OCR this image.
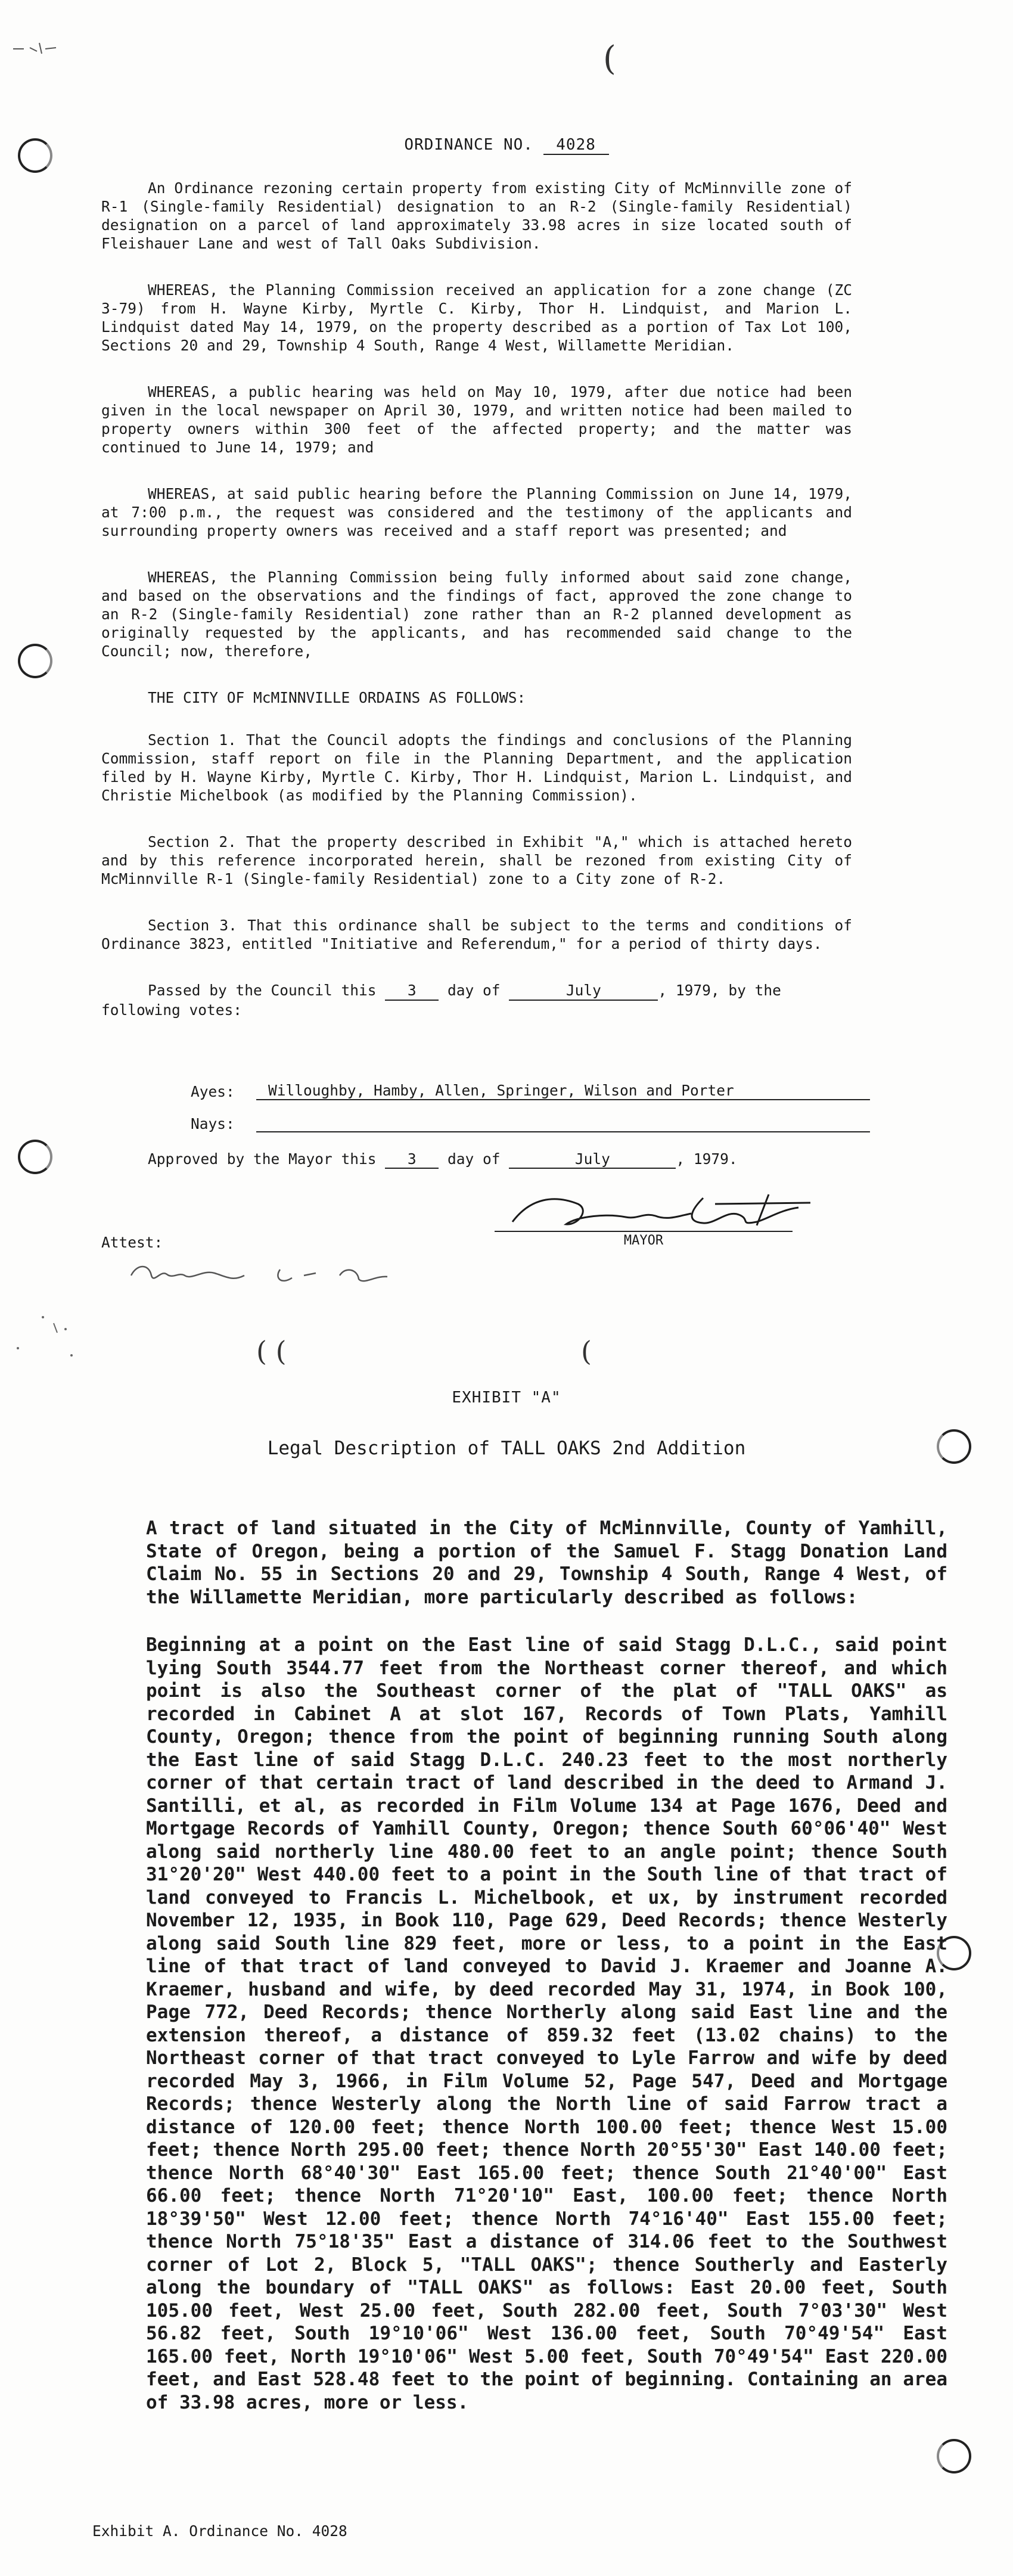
(
( (	(
ORDINANCE NO. 4028

An Ordinance rezoning certain property from existing City of McMinnville zone of R-1 (Single-family Residential) designation to an R-2 (Single-family Residential) designation on a parcel of land approximately 33.98 acres in size located south of Fleishauer Lane and west of Tall Oaks Subdivision.

WHEREAS, the Planning Commission received an application for a zone change (ZC 3-79) from H. Wayne Kirby, Myrtle C. Kirby, Thor H. Lindquist, and Marion L. Lindquist dated May 14, 1979, on the property described as a portion of Tax Lot 100, Sections 20 and 29, Township 4 South, Range 4 West, Willamette Meridian.

WHEREAS, a public hearing was held on May 10, 1979, after due notice had been given in the local newspaper on April 30, 1979, and written notice had been mailed to property owners within 300 feet of the affected property; and the matter was continued to June 14, 1979; and

WHEREAS, at said public hearing before the Planning Commission on June 14, 1979, at 7:00 p.m., the request was considered and the testimony of the applicants and surrounding property owners was received and a staff report was presented; and

WHEREAS, the Planning Commission being fully informed about said zone change, and based on the observations and the findings of fact, approved the zone change to an R-2 (Single-family Residential) zone rather than an R-2 planned development as originally requested by the applicants, and has recommended said change to the Council; now, therefore,

THE CITY OF McMINNVILLE ORDAINS AS FOLLOWS:

Section 1. That the Council adopts the findings and conclusions of the Planning Commission, staff report on file in the Planning Department, and the application filed by H. Wayne Kirby, Myrtle C. Kirby, Thor H. Lindquist, Marion L. Lindquist, and Christie Michelbook (as modified by the Planning Commission).

Section 2. That the property described in Exhibit "A," which is attached hereto and by this reference incorporated herein, shall be rezoned from existing City of McMinnville R-1 (Single-family Residential) zone to a City zone of R-2.

Section 3. That this ordinance shall be subject to the terms and conditions of Ordinance 3823, entitled "Initiative and Referendum," for a period of thirty days.

Passed by the Council this 3 day of	July	, 1979, by the
following votes:

Ayes:	Willoughby, Hamby, Allen, Springer, Wilson and Porter
Nays:
Approved by the Mayor this 3 day of	July	, 1979.
MAYOR
Attest:
EXHIBIT "A"
Legal Description of TALL OAKS 2nd Addition

A tract of land situated in the City of McMinnville, County of Yamhill, State of Oregon, being a portion of the Samuel F. Stagg Donation Land Claim No. 55 in Sections 20 and 29, Township 4 South, Range 4 West, of the Willamette Meridian, more particularly described as follows:

Beginning at a point on the East line of said Stagg D.L.C., said point lying South 3544.77 feet from the Northeast corner thereof, and which point is also the Southeast corner of the plat of "TALL OAKS" as recorded in Cabinet A at slot 167, Records of Town Plats, Yamhill County, Oregon; thence from the point of beginning running South along the East line of said Stagg D.L.C. 240.23 feet to the most northerly corner of that certain tract of land described in the deed to Armand J. Santilli, et al, as recorded in Film Volume 134 at Page 1676, Deed and Mortgage Records of Yamhill County, Oregon; thence South 60°06'40" West along said northerly line 480.00 feet to an angle point; thence South 31°20'20" West 440.00 feet to a point in the South line of that tract of land conveyed to Francis L. Michelbook, et ux, by instrument recorded November 12, 1935, in Book 110, Page 629, Deed Records; thence Westerly along said South line 829 feet, more or less, to a point in the East line of that tract of land conveyed to David J. Kraemer and Joanne A. Kraemer, husband and wife, by deed recorded May 31, 1974, in Book 100, Page 772, Deed Records; thence Northerly along said East line and the extension thereof, a distance of 859.32 feet (13.02 chains) to the Northeast corner of that tract conveyed to Lyle Farrow and wife by deed recorded May 3, 1966, in Film Volume 52, Page 547, Deed and Mortgage Records; thence Westerly along the North line of said Farrow tract a distance of 120.00 feet; thence North 100.00 feet; thence West 15.00 feet; thence North 295.00 feet; thence North 20°55'30" East 140.00 feet; thence North 68°40'30" East 165.00 feet; thence South 21°40'00" East 66.00 feet; thence North 71°20'10" East, 100.00 feet; thence North 18°39'50" West 12.00 feet; thence North 74°16'40" East 155.00 feet; thence North 75°18'35" East a distance of 314.06 feet to the Southwest corner of Lot 2, Block 5, "TALL OAKS"; thence Southerly and Easterly along the boundary of "TALL OAKS" as follows: East 20.00 feet, South 105.00 feet, West 25.00 feet, South 282.00 feet, South 7°03'30" West 56.82 feet, South 19°10'06" West 136.00 feet, South 70°49'54" East 165.00 feet, North 19°10'06" West 5.00 feet, South 70°49'54" East 220.00 feet, and East 528.48 feet to the point of beginning. Containing an area of 33.98 acres, more or less.

Exhibit A. Ordinance No. 4028
